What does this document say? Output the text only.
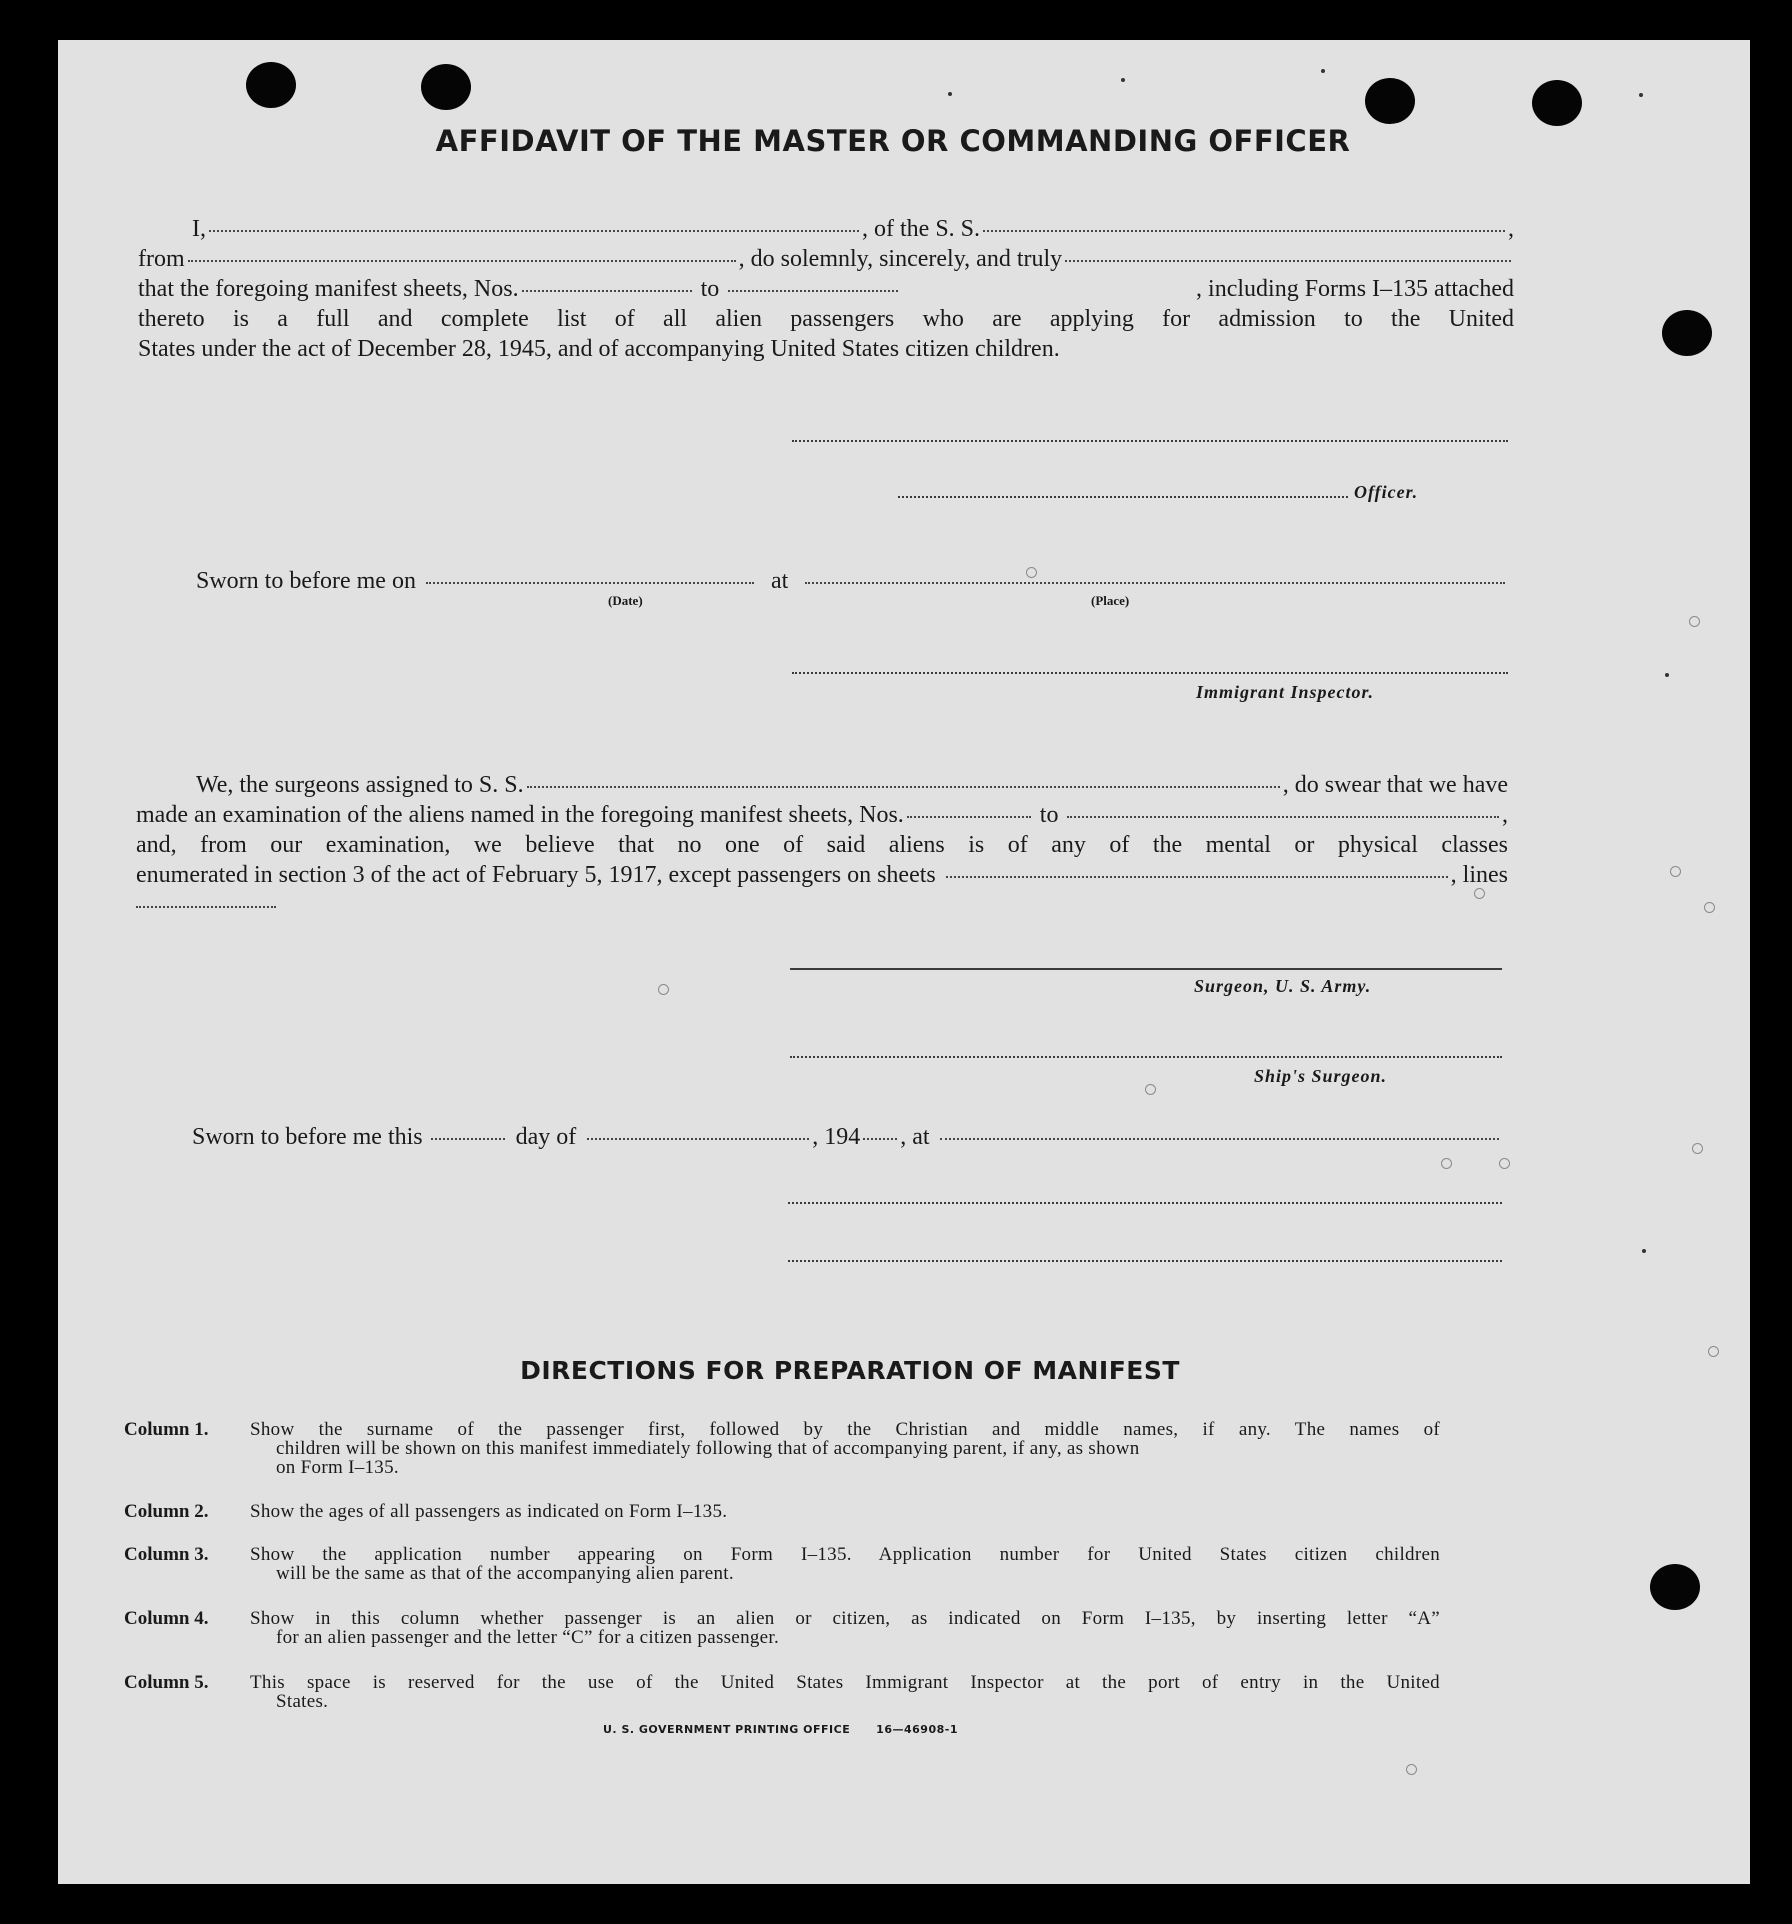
AFFIDAVIT OF THE MASTER OR COMMANDING OFFICER
I,	, of the S. S.	,
from	, do solemnly, sincerely, and truly
that the foregoing manifest sheets, Nos.	to	, including Forms I–135 attached
thereto is a full and complete list of all alien passengers who are applying for admission to the United
States under the act of December 28, 1945, and of accompanying United States citizen children.
Officer.
Sworn to before me on	at
(Date)	(Place)
Immigrant Inspector.
We, the surgeons assigned to S. S.	, do swear that we have
made an examination of the aliens named in the foregoing manifest sheets, Nos.	to	,
and, from our examination, we believe that no one of said aliens is of any of the mental or physical classes
enumerated in section 3 of the act of February 5, 1917, except passengers on sheets	, lines
Surgeon, U. S. Army.
Ship's Surgeon.
Sworn to before me this	day of	, 194 , at
DIRECTIONS FOR PREPARATION OF MANIFEST
Column 1. Show the surname of the passenger first, followed by the Christian and middle names, if any. The names of
children will be shown on this manifest immediately following that of accompanying parent, if any, as shown
on Form I–135.
Column 2. Show the ages of all passengers as indicated on Form I–135.
Column 3. Show the application number appearing on Form I–135. Application number for United States citizen children
will be the same as that of the accompanying alien parent.
Column 4. Show in this column whether passenger is an alien or citizen, as indicated on Form I–135, by inserting letter “A”
for an alien passenger and the letter “C” for a citizen passenger.
Column 5. This space is reserved for the use of the United States Immigrant Inspector at the port of entry in the United
States.
U. S. GOVERNMENT PRINTING OFFICE      16—46908-1
